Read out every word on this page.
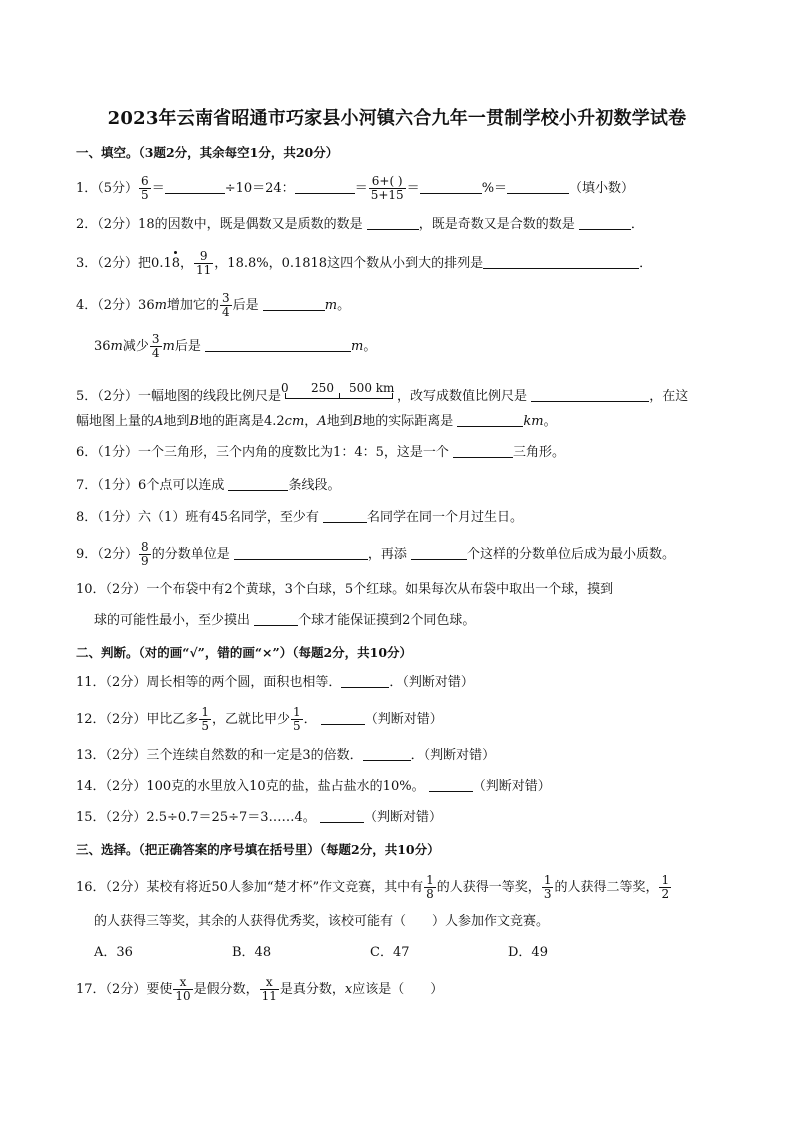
2023年云南省昭通市巧家县小河镇六合九年一贯制学校小升初数学试卷
一、填空。（3题2分，其余每空1分，共20分）
1．（5分） $\frac{6}{5}$ ＝	÷10＝24：	＝ $\frac{6+( )}{5+15}$ ＝	%＝	（填小数）
2．（2分）18的因数中，既是偶数又是质数的数是	，既是奇数又是合数的数是	．
3．（2分）把0.18， $\frac{9}{11}$ ，18.8%，0.1818这四个数从小到大的排列是	．
4．（2分）36m增加它的 $\frac{3}{4}$ 后是	m。
36m减少 $\frac{3}{4}$ m后是	m。
5．（2分）一幅地图的线段比例尺是
0 250 500 km
，改写成数值比例尺是	，在这
幅地图上量的A地到B地的距离是4.2cm，A地到B地的实际距离是	km。
6．（1分）一个三角形，三个内角的度数比为1：4：5，这是一个	三角形。
7．（1分）6个点可以连成	条线段。
8．（1分）六（1）班有45名同学，至少有	名同学在同一个月过生日。
9．（2分） $\frac{8}{9}$ 的分数单位是	，再添	个这样的分数单位后成为最小质数。
10．（2分）一个布袋中有2个黄球，3个白球，5个红球。如果每次从布袋中取出一个球，摸到
球的可能性最小，至少摸出	个球才能保证摸到2个同色球。
二、判断。（对的画“√”，错的画“×”）（每题2分，共10分）
11．（2分）周长相等的两个圆，面积也相等．	．（判断对错）
12．（2分）甲比乙多 $\frac{1}{5}$ ，乙就比甲少 $\frac{1}{5}$ ．	（判断对错）
13．（2分）三个连续自然数的和一定是3的倍数．	．（判断对错）
14．（2分）100克的水里放入10克的盐，盐占盐水的10%。	（判断对错）
15．（2分）2.5÷0.7＝25÷7＝3……4。	（判断对错）
三、选择。（把正确答案的序号填在括号里）（每题2分，共10分）
16．（2分）某校有将近50人参加“楚才杯”作文竞赛，其中有 $\frac{1}{8}$ 的人获得一等奖， $\frac{1}{3}$ 的人获得二等奖， $\frac{1}{2}$
的人获得三等奖，其余的人获得优秀奖，该校可能有（　　）人参加作文竞赛。
A．36	B．48	C．47	D．49
17．（2分）要使 $\frac{x}{10}$ 是假分数， $\frac{x}{11}$ 是真分数，x应该是（　　）
